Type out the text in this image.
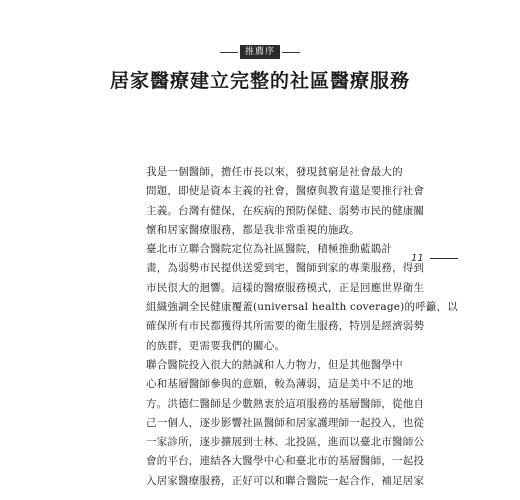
推薦序
居家醫療建立完整的社區醫療服務
我是一個醫師，擔任市長以來，發現貧窮是社會最大的
問題，即使是資本主義的社會，醫療與教育還是要推行社會
主義。台灣有健保，在疾病的預防保健、弱勢市民的健康關
懷和居家醫療服務，都是我非常重視的施政。
臺北市立聯合醫院定位為社區醫院，積極推動藍鵲計
畫，為弱勢市民提供送愛到宅，醫師到家的專業服務，得到
市民很大的迴響。這樣的醫療服務模式，正是回應世界衛生
組織強調全民健康覆蓋(universal health coverage)的呼籲，以
確保所有市民都獲得其所需要的衛生服務，特別是經濟弱勢
的族群，更需要我們的關心。
聯合醫院投入很大的熱誠和人力物力，但是其他醫學中
心和基層醫師參與的意願，較為薄弱，這是美中不足的地
方。洪德仁醫師是少數熱衷於這項服務的基層醫師，從他自
己一個人，逐步影響社區醫師和居家護理師一起投入，也從
一家診所，逐步擴展到士林、北投區，進而以臺北市醫師公
會的平台，連結各大醫學中心和臺北市的基層醫師，一起投
入居家醫療服務，正好可以和聯合醫院一起合作，補足居家
11
